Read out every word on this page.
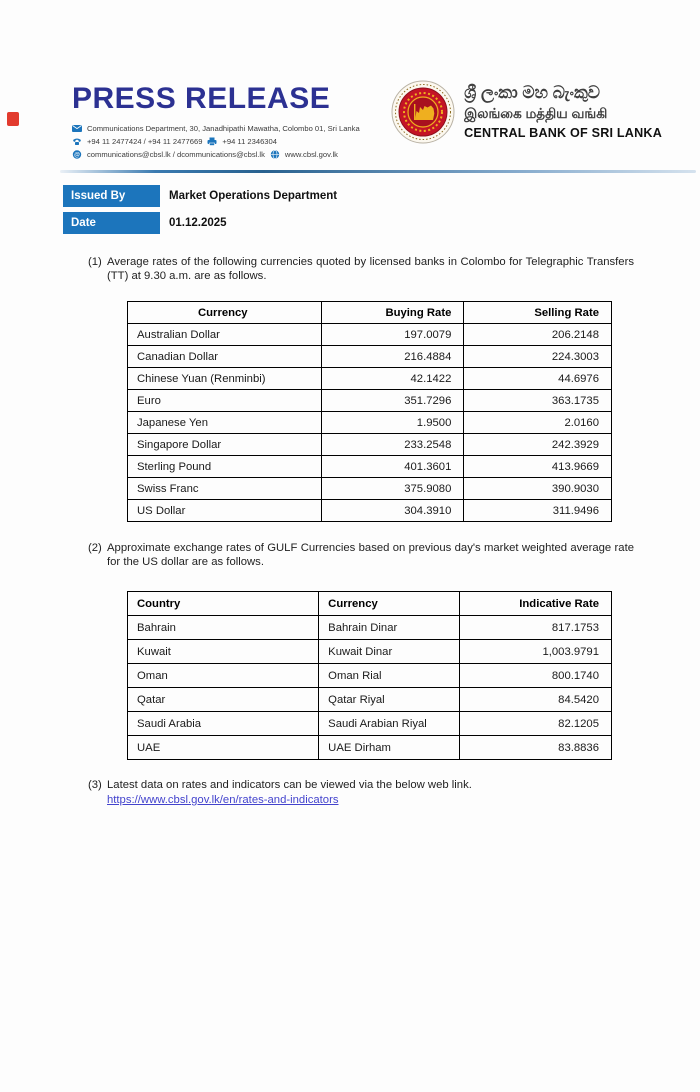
PRESS RELEASE
Communications Department, 30, Janadhipathi Mawatha, Colombo 01, Sri Lanka
+94 11 2477424 / +94 11 2477669	+94 11 2346304
@ communications@cbsl.lk / dcommunications@cbsl.lk	www.cbsl.gov.lk
ශ්‍රී ලංකා මහ බැංකුව
இலங்கை மத்திய வங்கி
CENTRAL BANK OF SRI LANKA
Issued By	Market Operations Department
Date	01.12.2025
(1) Average rates of the following currencies quoted by licensed banks in Colombo for Telegraphic Transfers (TT) at 9.30 a.m. are as follows.
Currency	Buying Rate	Selling Rate
Australian Dollar	197.0079	206.2148
Canadian Dollar	216.4884	224.3003
Chinese Yuan (Renminbi)	42.1422	44.6976
Euro	351.7296	363.1735
Japanese Yen	1.9500	2.0160
Singapore Dollar	233.2548	242.3929
Sterling Pound	401.3601	413.9669
Swiss Franc	375.9080	390.9030
US Dollar	304.3910	311.9496
(2) Approximate exchange rates of GULF Currencies based on previous day's market weighted average rate for the US dollar are as follows.
Country	Currency	Indicative Rate
Bahrain	Bahrain Dinar	817.1753
Kuwait	Kuwait Dinar	1,003.9791
Oman	Oman Rial	800.1740
Qatar	Qatar Riyal	84.5420
Saudi Arabia	Saudi Arabian Riyal	82.1205
UAE	UAE Dirham	83.8836
(3) Latest data on rates and indicators can be viewed via the below web link.
https://www.cbsl.gov.lk/en/rates-and-indicators
